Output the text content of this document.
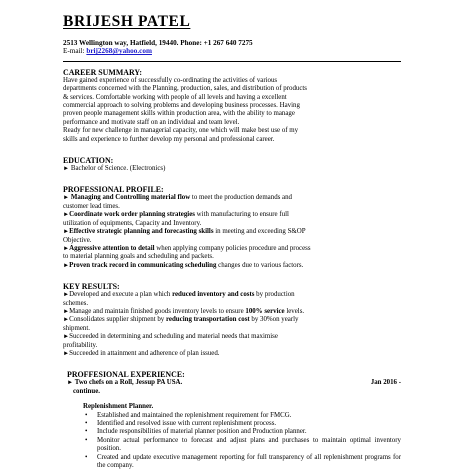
BRIJESH PATEL
2513 Wellington way, Hatfield, 19440. Phone: +1 267 640 7275
E-mail: brij2268@yahoo.com
CAREER SUMMARY:

Have gained experience of successfully co-ordinating the activities of various

departments concerned with the Planning, production, sales, and distribution of products

& services. Comfortable working with people of all levels and having a excellent

commercial approach to solving problems and developing business processes. Having

proven people management skills within production area, with the ability to manage

performance and motivate staff on an individual and team level.

Ready for new challenge in managerial capacity, one which will make best use of my

skills and experience to further develop my personal and professional career.

EDUCATION:

► Bachelor of Science. (Electronics)

PROFESSIONAL PROFILE:

► Managing and Controlling material flow to meet the production demands and

customer lead times.

►Coordinate work order planning strategies with manufacturing to ensure full

utilization of equipments, Capacity and Inventory.

►Effective strategic planning and forecasting skills in meeting and exceeding S&OP

Objective.

►Aggressive attention to detail when applying company policies procedure and process

to material planning goals and scheduling and packets.

►Proven track record in communicating scheduling changes due to various factors.

KEY RESULTS:

►Developed and execute a plan which reduced inventory and costs by production

schemes.

►Manage and maintain finished goods inventory levels to ensure 100% service levels.

►Consolidates supplier shipment by reducing transportation cost by 30%on yearly

shipment.

►Succeeded in determining and scheduling and material needs that maximise

profitability.

►Succeeded in attainment and adherence of plan issued.

PROFFESIONAL EXPERIENCE:
► Two chefs on a Roll, Jessup PA USA.	Jan 2016 -
continue.
Replenishment Planner.
• Established and maintained the replenishment requirement for FMCG.
• Identified and resolved issue with current replenishment process.
• Include responsibilities of material planner position and Production planner.
• Monitor actual performance to forecast and adjust plans and purchases to maintain optimal inventory position.
• Created and update executive management reporting for full transparency of all replenishment programs for the company.
